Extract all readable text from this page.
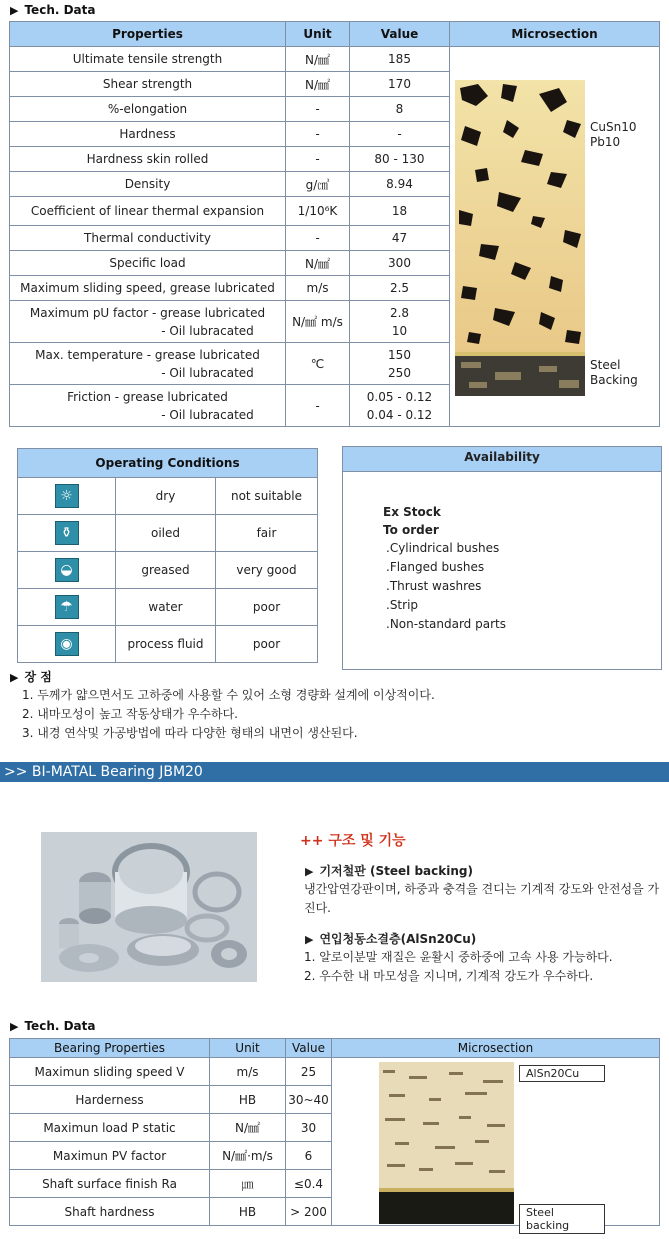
▶ Tech. Data
Properties	Unit	Value	Microsection

Ultimate tensile strength	N/㎟	185	

Shear strength	N/㎟	170	

%-elongation	-	8	

Hardness	-	-	

Hardness skin rolled	-	80 - 130	

Density	g/㎤	8.94	

Coefficient of linear thermal expansion	1/10⁶K	18	

Thermal conductivity	-	47	

Specific load	N/㎟	300	

Maximum sliding speed, grease lubricated	m/s	2.5	

Maximum pU factor - grease lubricated
- Oil lubracated	N/㎟ m/s	2.8
10	

Max. temperature - grease lubricated
- Oil lubracated	℃	150
250	

Friction - grease lubricated
- Oil lubracated	-	0.05 - 0.12
0.04 - 0.12	
CuSn10
Pb10
Steel
Backing
Operating Conditions		
☼	dry	not suitable
⚱	oiled	fair
◒	greased	very good
☂	water	poor
◉	process fluid	poor
Availability
Ex Stock
To order
.Cylindrical bushes
.Flanged bushes
.Thrust washres
.Strip
.Non-standard parts
▶ 장 점
1. 두께가 얇으면서도 고하중에 사용할 수 있어 소형 경량화 설계에 이상적이다.
2. 내마모성이 높고 작동상태가 우수하다.
3. 내경 연삭및 가공방법에 따라 다양한 형태의 내면이 생산된다.
>> BI-MATAL Bearing JBM20
++ 구조 및 기능
▶ 기저철판 (Steel backing)
냉간압연강판이며, 하중과 충격을 견디는 기계적 강도와 안전성을 가진다.
▶ 연입청동소결층(AlSn20Cu)
1. 알로이분말 재질은 윤활시 중하중에 고속 사용 가능하다.
2. 우수한 내 마모성을 지니며, 기계적 강도가 우수하다.
▶ Tech. Data
Bearing Properties	Unit	Value	Microsection
Maximun sliding speed V	m/s	25	
Harderness	HB	30~40	
Maximun load P static	N/㎟	30	
Maximun PV factor	N/㎟·m/s	6	
Shaft surface finish Ra	㎛	≤0.4	
Shaft hardness	HB	> 200	
AlSn20Cu
Steel backing
